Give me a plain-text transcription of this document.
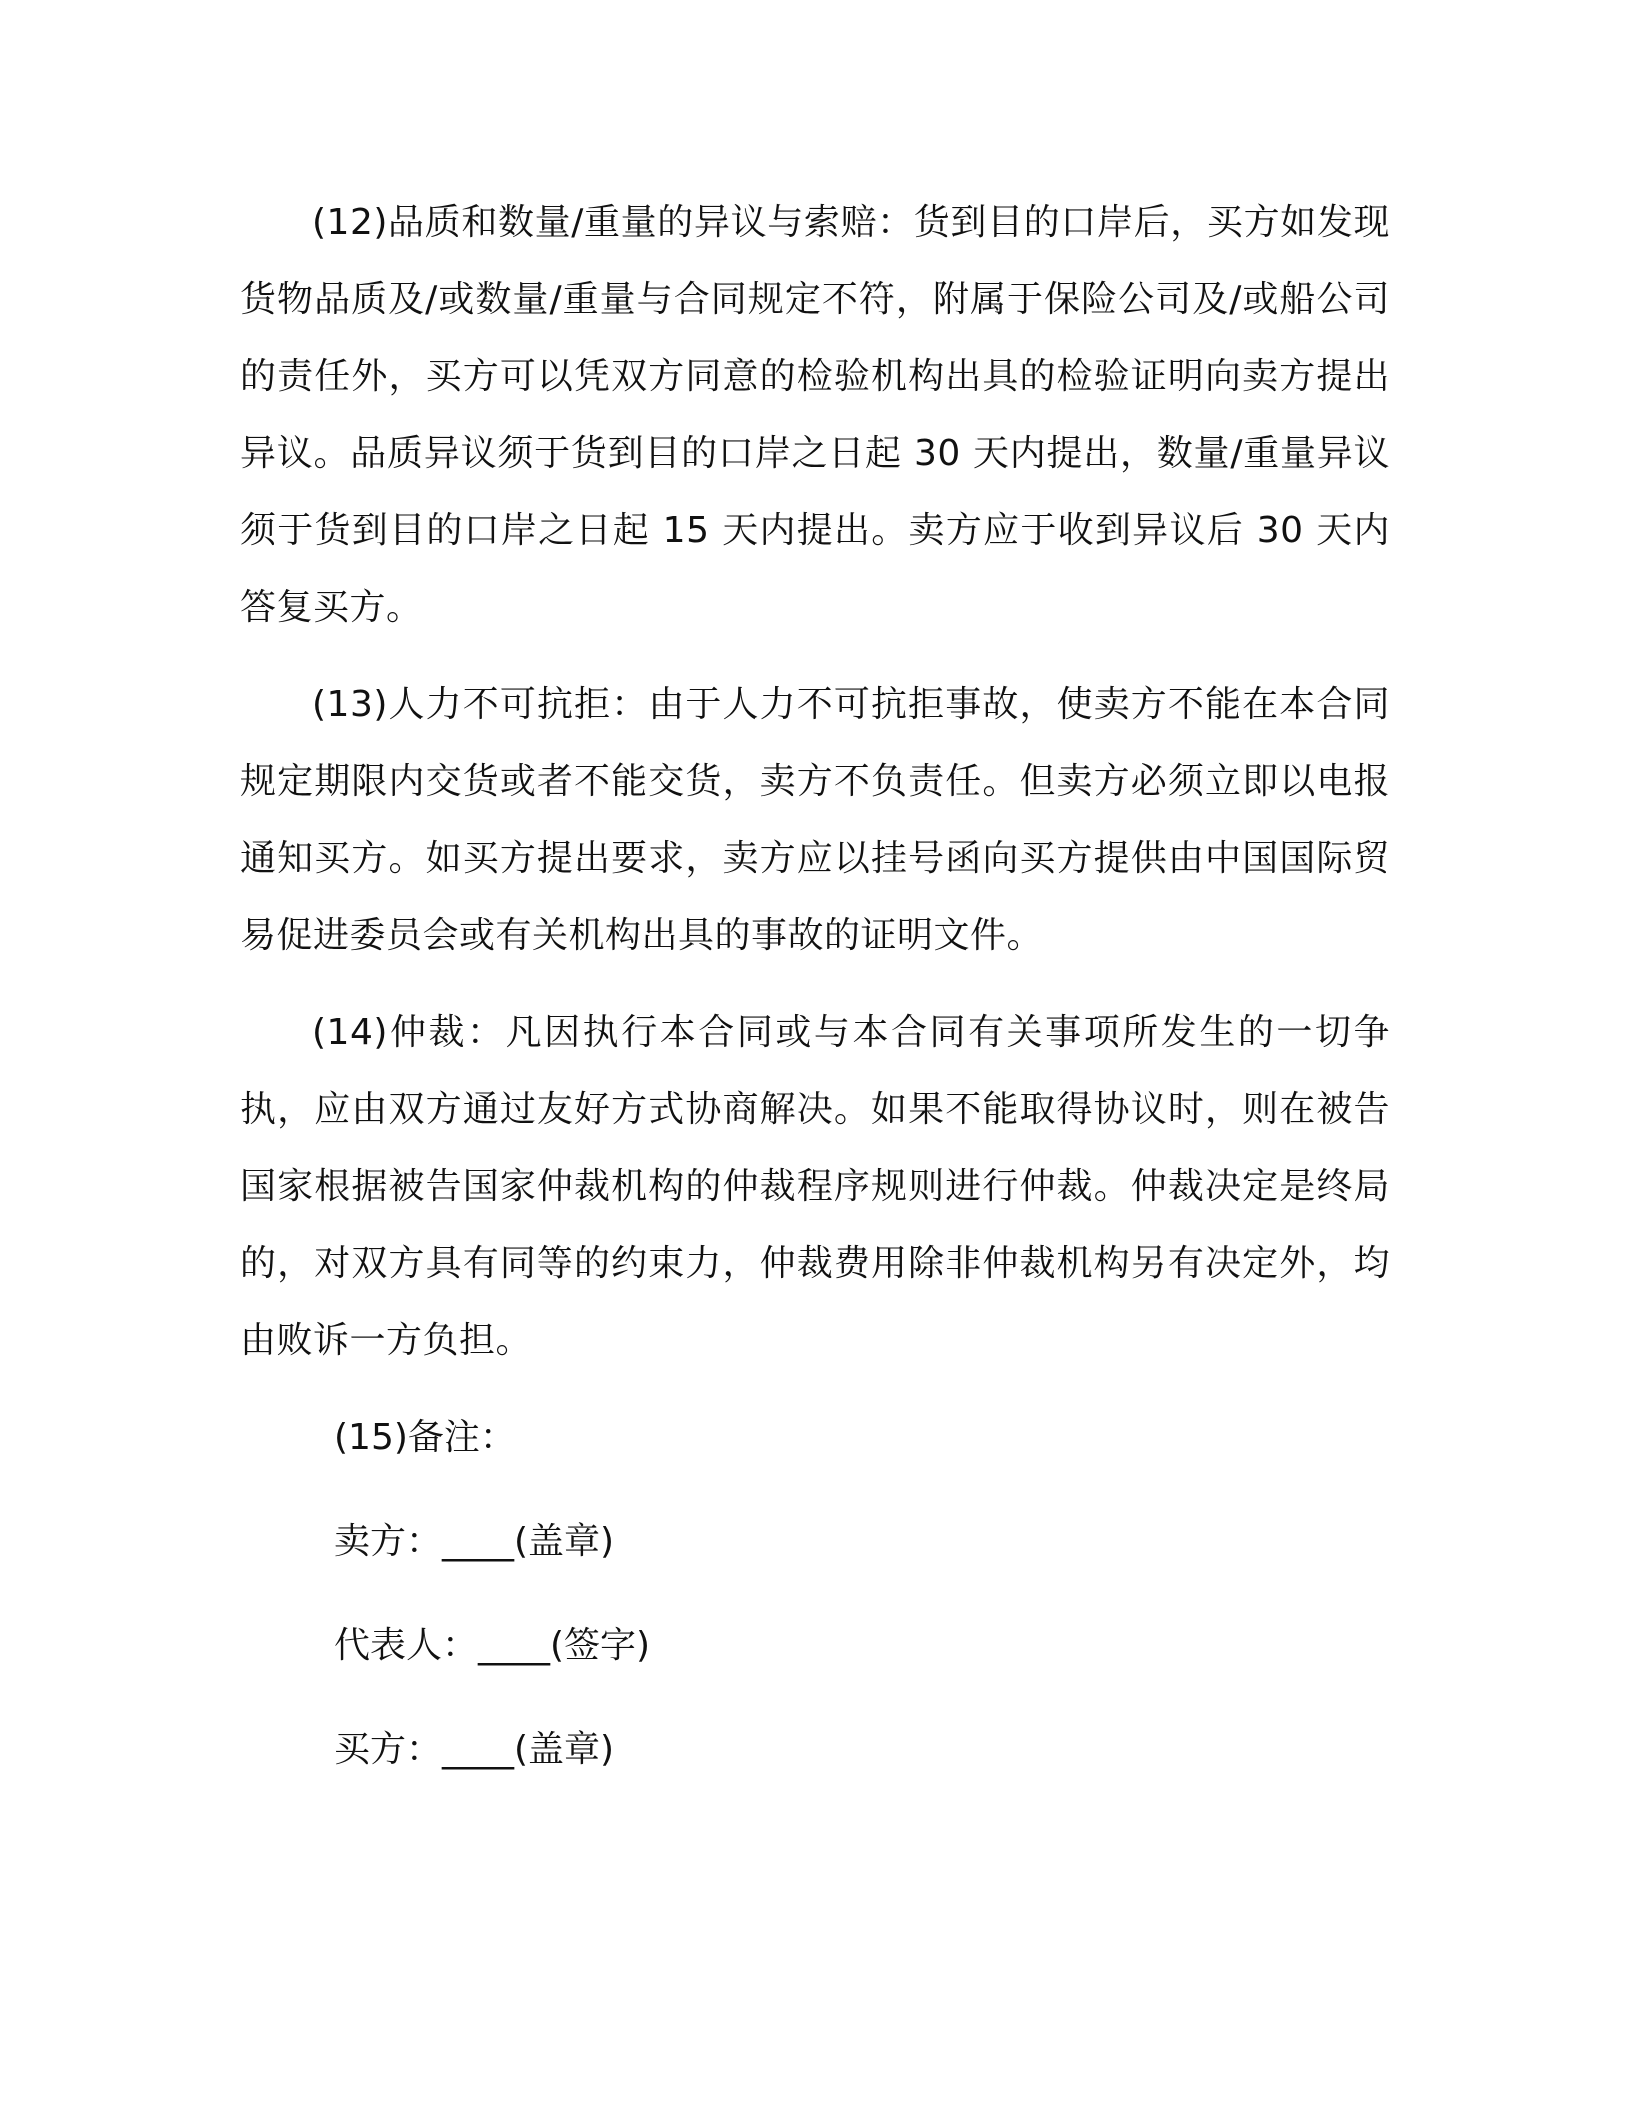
(12)品质和数量/重量的异议与索赔：货到目的口岸后，买方如发现货物品质及/或数量/重量与合同规定不符，附属于保险公司及/或船公司的责任外，买方可以凭双方同意的检验机构出具的检验证明向卖方提出异议。品质异议须于货到目的口岸之日起 30 天内提出，数量/重量异议须于货到目的口岸之日起 15 天内提出。卖方应于收到异议后 30 天内答复买方。

(13)人力不可抗拒：由于人力不可抗拒事故，使卖方不能在本合同规定期限内交货或者不能交货，卖方不负责任。但卖方必须立即以电报通知买方。如买方提出要求，卖方应以挂号函向买方提供由中国国际贸易促进委员会或有关机构出具的事故的证明文件。

(14)仲裁：凡因执行本合同或与本合同有关事项所发生的一切争执，应由双方通过友好方式协商解决。如果不能取得协议时，则在被告国家根据被告国家仲裁机构的仲裁程序规则进行仲裁。仲裁决定是终局的，对双方具有同等的约束力，仲裁费用除非仲裁机构另有决定外，均由败诉一方负担。

(15)备注：

卖方：____(盖章)

代表人：____(签字)

买方：____(盖章)
